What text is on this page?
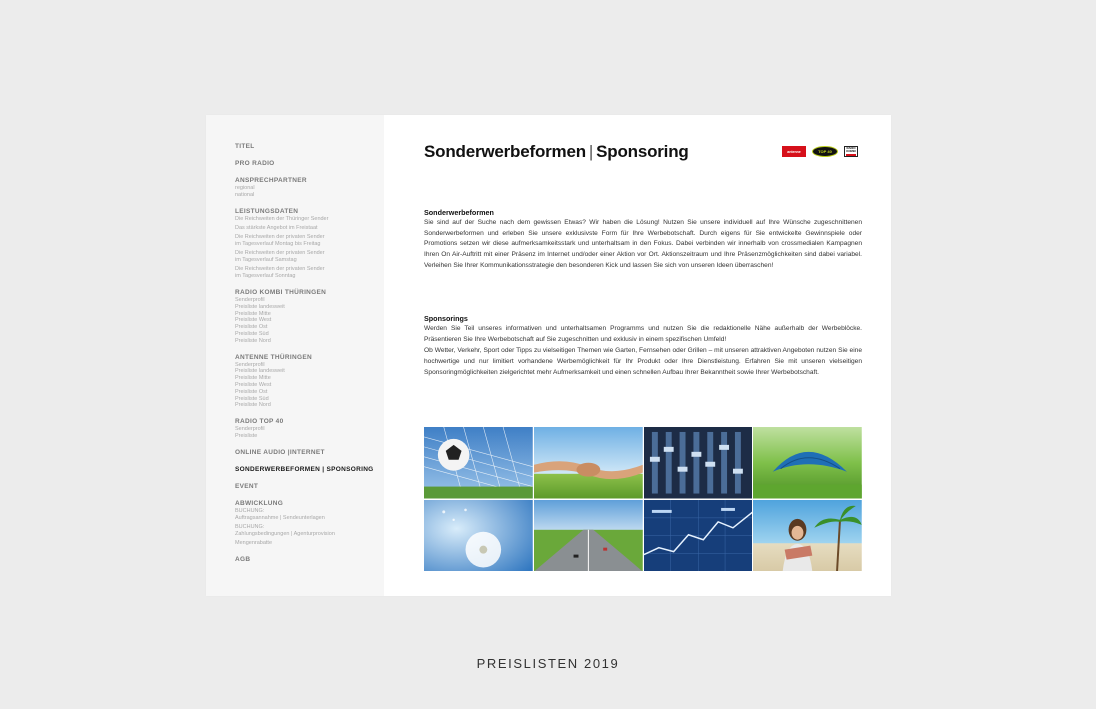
TITEL
PRO RADIO
ANSPRECHPARTNER
regional
national
LEISTUNGSDATEN
Die Reichweiten der Thüringer Sender
Das stärkste Angebot im Freistaat
Die Reichweiten der privaten Sender
im Tagesverlauf Montag bis Freitag
Die Reichweiten der privaten Sender
im Tagesverlauf Samstag
Die Reichweiten der privaten Sender
im Tagesverlauf Sonntag
RADIO KOMBI THÜRINGEN
Senderprofil
Preisliste landesweit
Preisliste Mitte
Preisliste West
Preisliste Ost
Preisliste Süd
Preisliste Nord
ANTENNE THÜRINGEN
Senderprofil
Preisliste landesweit
Preisliste Mitte
Preisliste West
Preisliste Ost
Preisliste Süd
Preisliste Nord
RADIO TOP 40
Senderprofil
Preisliste
ONLINE AUDIO |INTERNET
SONDERWERBEFORMEN | SPONSORING
EVENT
ABWICKLUNG
BUCHUNG:
Auftragsannahme | Sendeunterlagen
BUCHUNG:
Zahlungsbedingungen | Agenturprovision
Mengenrabatte
AGB
Sonderwerbeformen | Sponsoring	antenne	TOP 40
RADIO
KOMBI
Sonderwerbeformen

Sie sind auf der Suche nach dem gewissen Etwas? Wir haben die Lösung! Nutzen Sie unsere individuell auf Ihre Wünsche zugeschnittenen Sonderwerbeformen und erleben Sie unsere exklusivste Form für Ihre Werbebotschaft. Durch eigens für Sie entwickelte Gewinnspiele oder Promotions setzen wir diese aufmerksamkeitsstark und unterhaltsam in den Fokus. Dabei verbinden wir innerhalb von crossmedialen Kampagnen Ihren On Air-Auftritt mit einer Präsenz im Internet und/oder einer Aktion vor Ort. Aktionszeitraum und Ihre Präsenzmöglichkeiten sind dabei variabel. Verleihen Sie Ihrer Kommunikationsstrategie den besonderen Kick und lassen Sie sich von unseren Ideen überraschen!

Sponsorings

Werden Sie Teil unseres informativen und unterhaltsamen Programms und nutzen Sie die redaktionelle Nähe außerhalb der Werbeblöcke. Präsentieren Sie Ihre Werbebotschaft auf Sie zugeschnitten und exklusiv in einem spezifischen Umfeld!

Ob Wetter, Verkehr, Sport oder Tipps zu vielseitigen Themen wie Garten, Fernsehen oder Grillen – mit unseren attraktiven Angeboten nutzen Sie eine hochwertige und nur limitiert vorhandene Werbemöglichkeit für Ihr Produkt oder Ihre Dienstleistung. Erfahren Sie mit unseren vielseitigen Sponsoringmöglichkeiten zielgerichtet mehr Aufmerksamkeit und einen schnellen Aufbau Ihrer Bekanntheit sowie Ihrer Werbebotschaft.

PREISLISTEN 2019
